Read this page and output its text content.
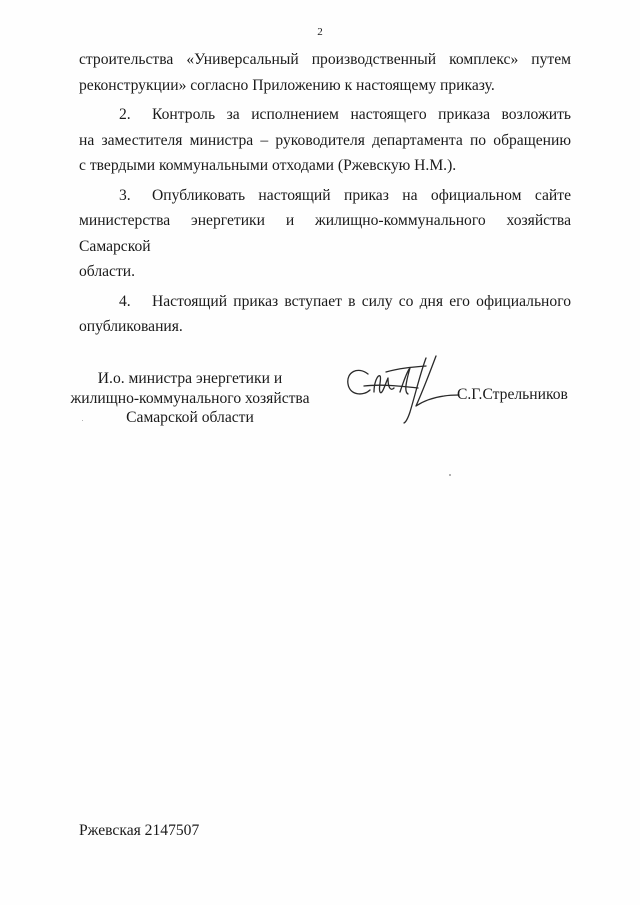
2

строительства «Универсальный производственный комплекс» путем
реконструкции» согласно Приложению к настоящему приказу.

2. Контроль за исполнением настоящего приказа возложить
на заместителя министра – руководителя департамента по обращению
с твердыми коммунальными отходами (Ржевскую Н.М.).

3. Опубликовать настоящий приказ на официальном сайте
министерства энергетики и жилищно-коммунального хозяйства Самарской
области.

4. Настоящий приказ вступает в силу со дня его официального
опубликования.

И.о. министра энергетики и
жилищно-коммунального хозяйства
Самарской области
С.Г.Стрельников
Ржевская 2147507
